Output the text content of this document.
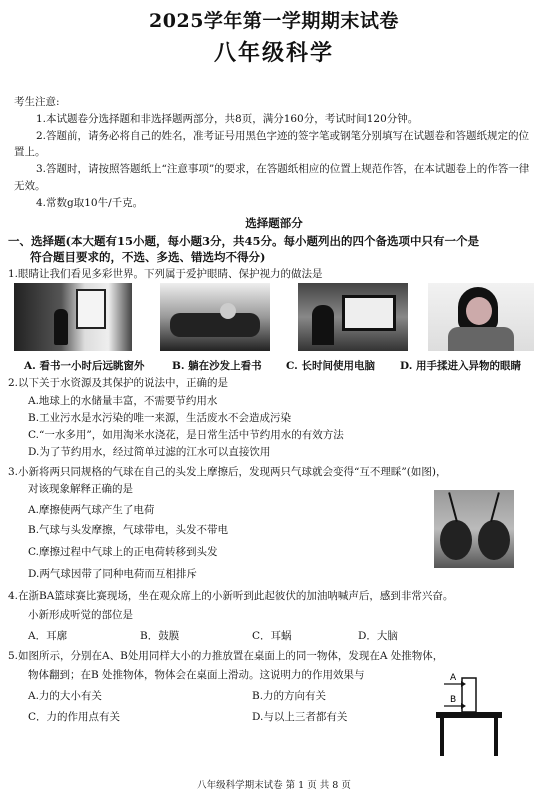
2025学年第一学期期末试卷
八年级科学

考生注意:

1.本试题卷分选择题和非选择题两部分，共8页，满分160分，考试时间120分钟。

2.答题前，请务必将自己的姓名，准考证号用黑色字迹的签字笔或钢笔分别填写在试题卷和答题纸规定的位置上。

3.答题时，请按照答题纸上“注意事项”的要求，在答题纸相应的位置上规范作答，在本试题卷上的作答一律无效。

4.常数g取10牛/千克。

选择题部分
一、选择题(本大题有15小题，每小题3分，共45分。每小题列出的四个备选项中只有一个是
符合题目要求的，不选、多选、错选均不得分)
1.眼睛让我们看见多彩世界。下列属于爱护眼睛、保护视力的做法是
A. 看书一小时后远眺窗外	B. 躺在沙发上看书 C. 长时间使用电脑 D. 用手揉进入异物的眼睛
2.以下关于水资源及其保护的说法中，正确的是
A.地球上的水储量丰富，不需要节约用水
B.工业污水是水污染的唯一来源，生活废水不会造成污染
C.“一水多用”，如用淘米水浇花，是日常生活中节约用水的有效方法
D.为了节约用水，经过简单过滤的江水可以直接饮用
3.小新将两只同规格的气球在自己的头发上摩擦后，发现两只气球就会变得“互不理睬”(如图)，
对该现象解释正确的是
A.摩擦使两气球产生了电荷
B.气球与头发摩擦，气球带电，头发不带电
C.摩擦过程中气球上的正电荷转移到头发
D.两气球因带了同种电荷而互相排斥
4.在浙BA篮球赛比赛现场，坐在观众席上的小新听到此起彼伏的加油呐喊声后，感到非常兴奋。
小新形成听觉的部位是
A．耳廓	B．鼓膜	C．耳蜗	D．大脑
5.如图所示，分别在A、B处用同样大小的力推放置在桌面上的同一物体，发现在A 处推物体，
物体翻到；在B 处推物体，物体会在桌面上滑动。这说明力的作用效果与
A.力的大小有关	B.力的方向有关
C．力的作用点有关	D.与以上三者都有关
A
B
八年级科学期末试卷 第 1 页 共 8 页
